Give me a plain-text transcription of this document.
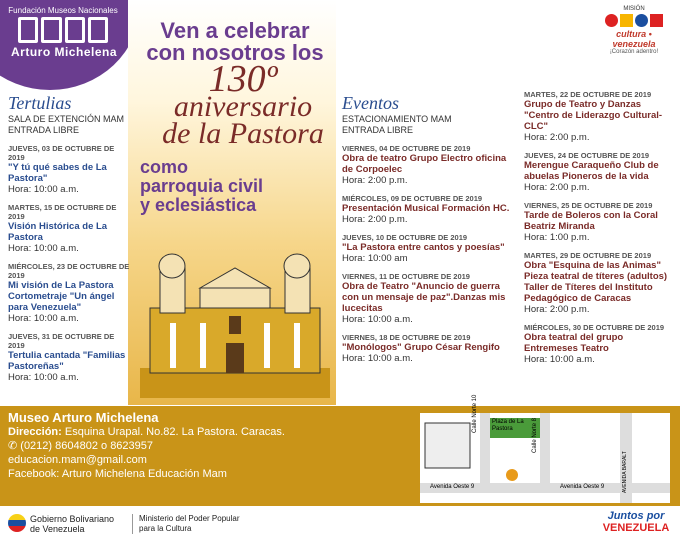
Fundación Museos Nacionales
Arturo Michelena
MISIÓN
cultura • venezuela
¡Corazón adentro!
Ven a celebrar
con nosotros los
130º
aniversario
de la Pastora
como
parroquia civil
y eclesiástica
Tertulias
SALA DE EXTENCIÓN MAM
ENTRADA LIBRE
JUEVES, 03 DE OCTUBRE DE 2019
"Y tú qué sabes de La Pastora"
Hora: 10:00 a.m.
MARTES, 15 DE OCTUBRE DE 2019
Visión Histórica de La Pastora
Hora: 10:00 a.m.
MIÉRCOLES, 23 DE OCTUBRE DE 2019
Mi visión de La Pastora Cortometraje "Un ángel para Venezuela"
Hora: 10:00 a.m.
JUEVES, 31 DE OCTUBRE DE 2019
Tertulia cantada "Familias Pastoreñas"
Hora: 10:00 a.m.
Eventos
ESTACIONAMIENTO MAM
ENTRADA LIBRE
VIERNES, 04 DE OCTUBRE DE 2019
Obra de teatro Grupo Electro oficina de Corpoelec
Hora: 2:00 p.m.
MIÉRCOLES, 09 DE OCTUBRE DE 2019
Presentación Musical Formación HC.
Hora: 2:00 p.m.
JUEVES, 10 DE OCTUBRE DE 2019
"La Pastora entre cantos y poesías"
Hora: 10:00 am
VIERNES, 11 DE OCTUBRE DE 2019
Obra de Teatro "Anuncio de guerra con un mensaje de paz".Danzas mis lucecitas
Hora: 10:00 a.m.
VIERNES, 18 DE OCTUBRE DE 2019
"Monólogos" Grupo César Rengifo
Hora: 10:00 a.m.
MARTES, 22 DE OCTUBRE DE 2019
Grupo de Teatro y Danzas "Centro de Liderazgo Cultural- CLC"
Hora: 2:00 p.m.
JUEVES, 24 DE OCTUBRE DE 2019
Merengue Caraqueño Club de abuelas Pioneros de la vida
Hora: 2:00 p.m.
VIERNES, 25 DE OCTUBRE DE 2019
Tarde de Boleros con la Coral Beatriz Miranda
Hora: 1:00 p.m.
MARTES, 29 DE OCTUBRE DE 2019
Obra "Esquina de las Animas" Pieza teatral de títeres (adultos) Taller de Títeres del Instituto Pedagógico de Caracas
Hora: 2:00 p.m.
MIÉRCOLES, 30 DE OCTUBRE DE 2019
Obra teatral del grupo Entremeses Teatro
Hora: 10:00 a.m.
Museo Arturo Michelena
Dirección: Esquina Urapal. No.82. La Pastora. Caracas.
✆ (0212) 8604802 o 8623957
educacion.mam@gmail.com
Facebook: Arturo Michelena Educación Mam
Plaza de La Pastora
Calle Norte 10
Calle Norte 8
Avenida Oeste 9	Avenida Oeste 9	AVENIDA BARALT
Gobierno Bolivariano
de Venezuela
Ministerio del Poder Popular
para la Cultura
Juntos por
VENEZUELA
